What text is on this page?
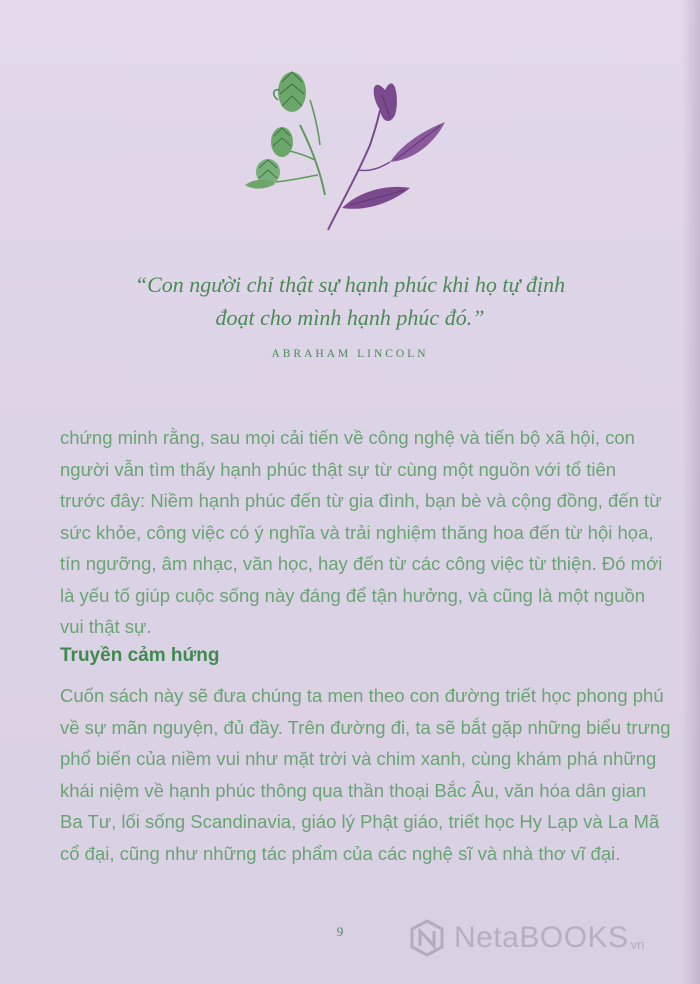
“Con người chỉ thật sự hạnh phúc khi họ tự định
đoạt cho mình hạnh phúc đó.”
ABRAHAM LINCOLN
chứng minh rằng, sau mọi cải tiến về công nghệ và tiến bộ xã hội, con
người vẫn tìm thấy hạnh phúc thật sự từ cùng một nguồn với tổ tiên
trước đây: Niềm hạnh phúc đến từ gia đình, bạn bè và cộng đồng, đến từ
sức khỏe, công việc có ý nghĩa và trải nghiệm thăng hoa đến từ hội họa,
tín ngưỡng, âm nhạc, văn học, hay đến từ các công việc từ thiện. Đó mới
là yếu tố giúp cuộc sống này đáng để tận hưởng, và cũng là một nguồn
vui thật sự.
Truyền cảm hứng
Cuốn sách này sẽ đưa chúng ta men theo con đường triết học phong phú
về sự mãn nguyện, đủ đầy. Trên đường đi, ta sẽ bắt gặp những biểu trưng
phổ biến của niềm vui như mặt trời và chim xanh, cùng khám phá những
khái niệm về hạnh phúc thông qua thần thoại Bắc Âu, văn hóa dân gian
Ba Tư, lối sống Scandinavia, giáo lý Phật giáo, triết học Hy Lạp và La Mã
cổ đại, cũng như những tác phẩm của các nghệ sĩ và nhà thơ vĩ đại.
9	NetaBOOKS vn
